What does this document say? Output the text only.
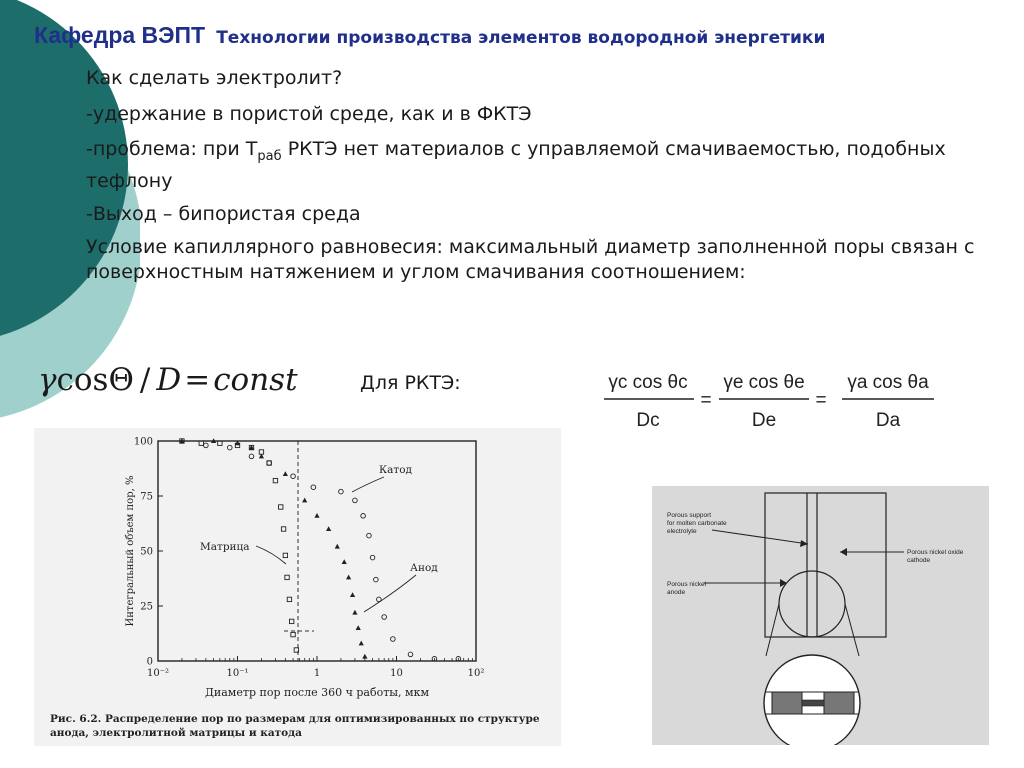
Кафедра ВЭПТ Технологии производства элементов водородной энергетики

Как сделать электролит?

-удержание в пористой среде, как и в ФКТЭ

-проблема: при $Т_{раб}$ РКТЭ нет материалов с управляемой смачиваемостью, подобных тефлону

-Выход – бипористая среда

Условие капиллярного равновесия: максимальный диаметр заполненной поры связан с поверхностным натяжением и углом смачивания соотношением:

γcosΘ / D=const	Для РКТЭ:	γc cos θc
Dc
=
γe cos θe
De
=
γa cos θa
Da
10⁻²	10⁻¹	1	10	10²
0
25
50
75
100
Катод
Анод
Матрица
Диаметр пор после 360 ч работы, мкм
Интегральный объем пор, %
Рис. 6.2. Распределение пор по размерам для оптимизированных по структуре анода, электролитной матрицы и катода
Porous support for molten carbonate electrolyte
Porous nickel oxide cathode
Porous nickel anode
